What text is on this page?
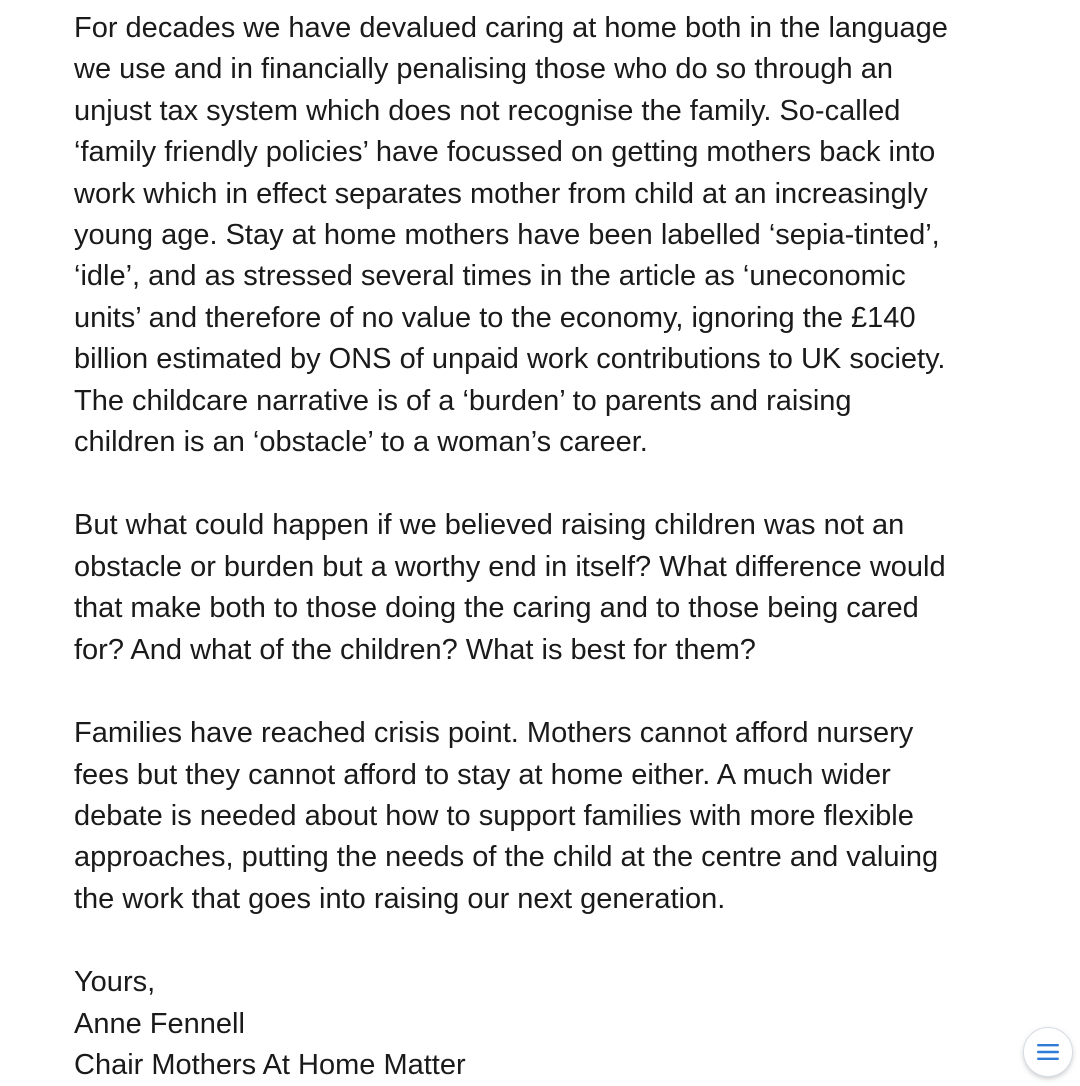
For decades we have devalued caring at home both in the language
we use and in financially penalising those who do so through an
unjust tax system which does not recognise the family. So-called
‘family friendly policies’ have focussed on getting mothers back into
work which in effect separates mother from child at an increasingly
young age. Stay at home mothers have been labelled ‘sepia-tinted’,
‘idle’, and as stressed several times in the article as ‘uneconomic
units’ and therefore of no value to the economy, ignoring the £140
billion estimated by ONS of unpaid work contributions to UK society.
The childcare narrative is of a ‘burden’ to parents and raising
children is an ‘obstacle’ to a woman’s career.

But what could happen if we believed raising children was not an
obstacle or burden but a worthy end in itself? What difference would
that make both to those doing the caring and to those being cared
for? And what of the children? What is best for them?

Families have reached crisis point. Mothers cannot afford nursery
fees but they cannot afford to stay at home either. A much wider
debate is needed about how to support families with more flexible
approaches, putting the needs of the child at the centre and valuing
the work that goes into raising our next generation.

Yours,
Anne Fennell
Chair Mothers At Home Matter
